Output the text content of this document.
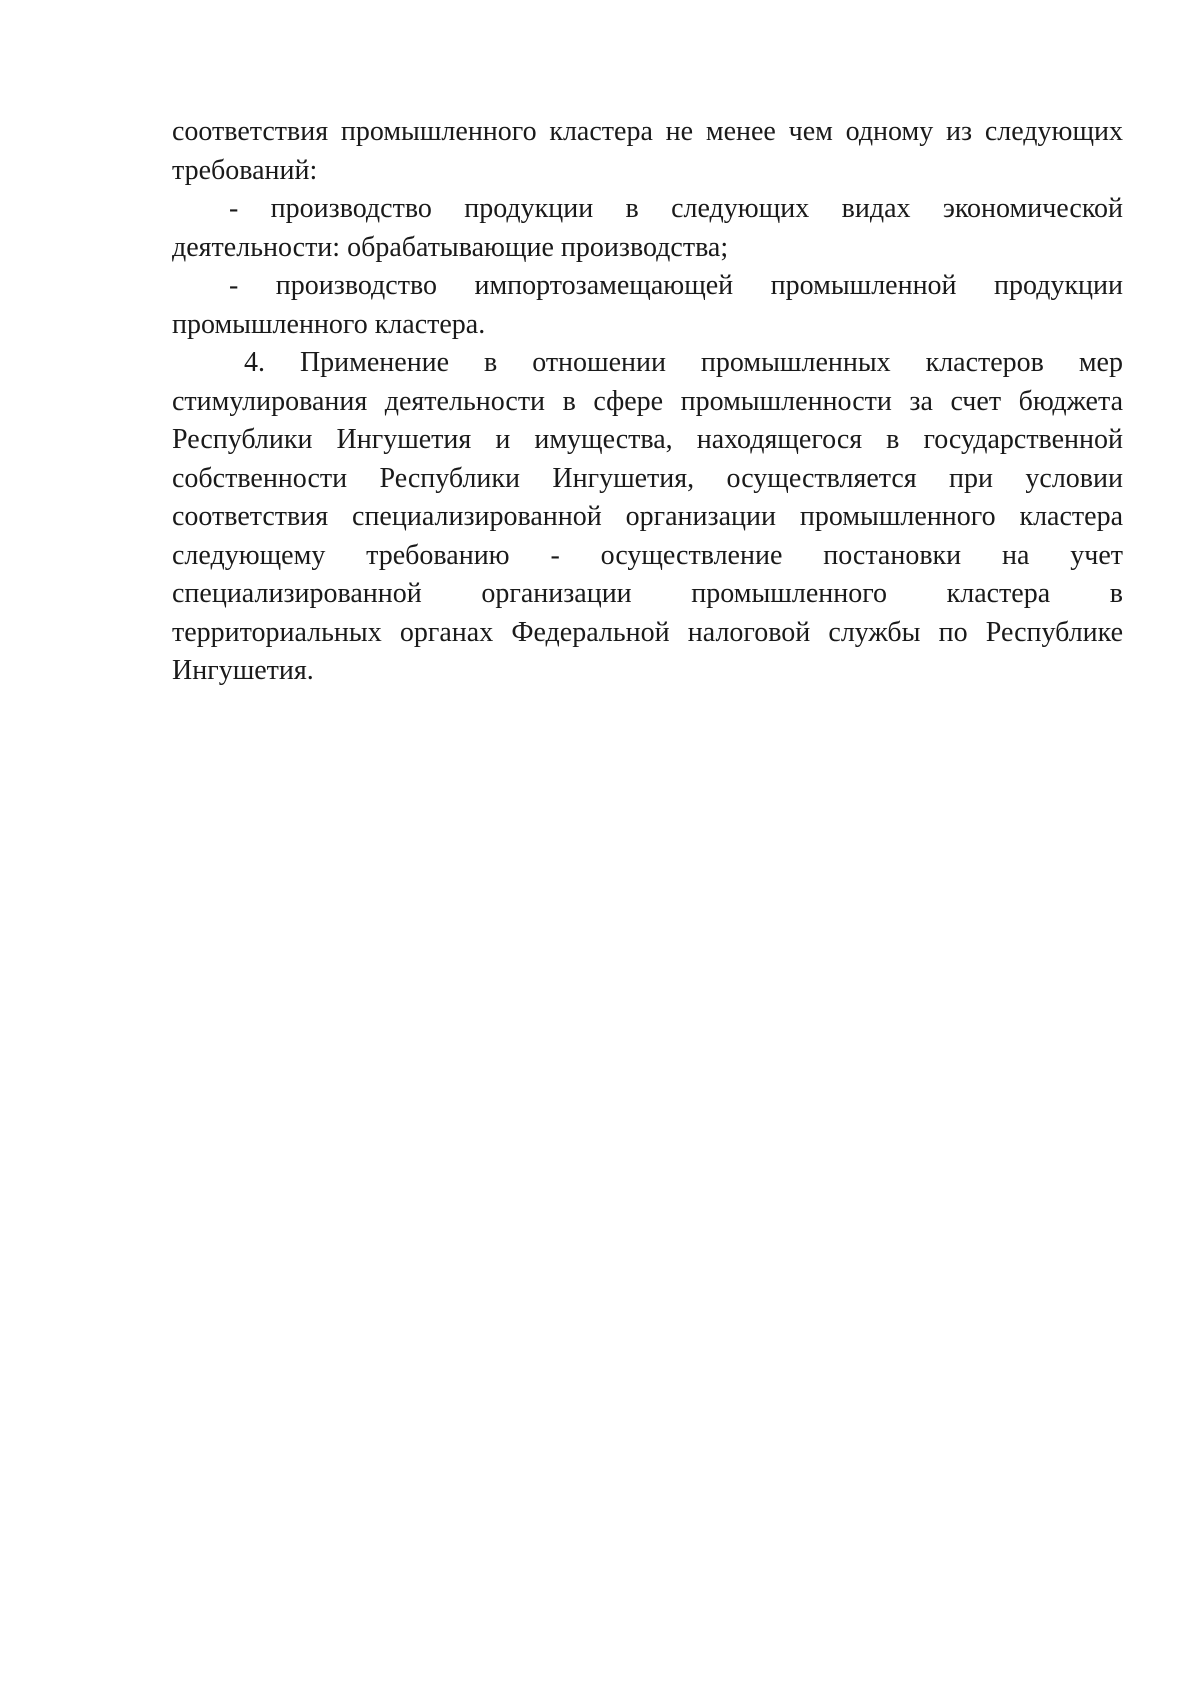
соответствия промышленного кластера не менее чем одному из следующих требований:

- производство продукции в следующих видах экономической деятельности: обрабатывающие производства;

- производство импортозамещающей промышленной продукции промышленного кластера.

4. Применение в отношении промышленных кластеров мер стимулирования деятельности в сфере промышленности за счет бюджета Республики Ингушетия и имущества, находящегося в государственной собственности Республики Ингушетия, осуществляется при условии соответствия специализированной организации промышленного кластера следующему требованию - осуществление постановки на учет специализированной организации промышленного кластера в территориальных органах Федеральной налоговой службы по Республике Ингушетия.
